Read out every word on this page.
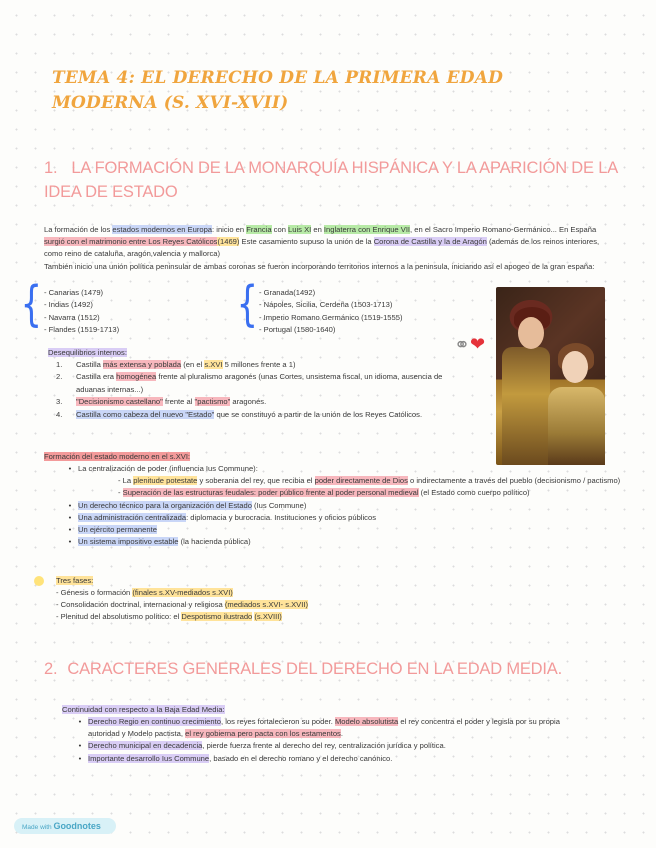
TEMA 4: EL DERECHO DE LA PRIMERA EDAD MODERNA (S. XVI-XVII)
1. LA FORMACIÓN DE LA MONARQUÍA HISPÁNICA Y LA APARICIÓN DE LA IDEA DE ESTADO
La formación de los estados modernos en Europa: inicio en Francia con Luis XI en Inglaterra con Enrique VII, en el Sacro Imperio Romano-Germánico... En España surgió con el matrimonio entre Los Reyes Católicos(1469) Este casamiento supuso la unión de la Corona de Castilla y la de Aragón (además de los reinos interiores, como reino de cataluña, aragón,valencia y mallorca)
También inicio una unión política peninsular de ambas coronas se fueron incorporando territorios internos a la peninsula, iniciando así el apogeo de la gran españa:
{ - Canarias (1479)
- Indias (1492)
- Navarra (1512)
- Flandes (1519-1713)	{ - Granada(1492)
- Nápoles, Sicilia, Cerdeña (1503-1713)
- Imperio Romano Germánico (1519-1555)
- Portugal (1580-1640)
⚭ ❤
Desequilibrios internos:
1. Castilla más extensa y poblada (en el s.XVI 5 millones frente a 1)
2. Castilla era homogénea frente al pluralismo aragonés (unas Cortes, unsistema fiscal, un idioma, ausencia de aduanas internas...)
3. "Decisionismo castellano" frente al "pactismo" aragonés.
4. Castilla como cabeza del nuevo "Estado" que se constituyó a partir de la unión de los Reyes Católicos.
Formación del estado moderno en el s.XVI:
• La centralización de poder (influencia Ius Commune):
- La plenitude potestate y soberania del rey, que recibia el poder directamente de Dios o indirectamente a través del pueblo (decisionismo / pactismo)
- Superación de las estructuras feudales: poder público frente al poder personal medieval (el Estado como cuerpo político)
• Un derecho técnico para la organización del Estado (Ius Commune)
• Una administración centralizada: diplomacia y burocracia. Instituciones y oficios públicos
• Un ejército permanente
• Un sistema impositivo estable (la hacienda pública)
Tres fases:
- Génesis o formación (finales s.XV-mediados s.XVI)
- Consolidación doctrinal, internacional y religiosa (mediados s.XVI- s.XVII)
- Plenitud del absolutismo político: el Despotismo ilustrado (s.XVIII)
2. CARACTERES GENERALES DEL DERECHO EN LA EDAD MEDIA.
Continuidad con respecto a la Baja Edad Media:
• Derecho Regio en continuo crecimiento, los reyes fortalecieron su poder. Modelo absolutista el rey concentra el poder y legisla por su propia autoridad y Modelo pactista, el rey gobierna pero pacta con los estamentos.
• Derecho municipal en decadencia, pierde fuerza frente al derecho del rey, centralización jurídica y política.
• Importante desarrollo Ius Commune, basado en el derecho romano y el derecho canónico.
Made with Goodnotes
